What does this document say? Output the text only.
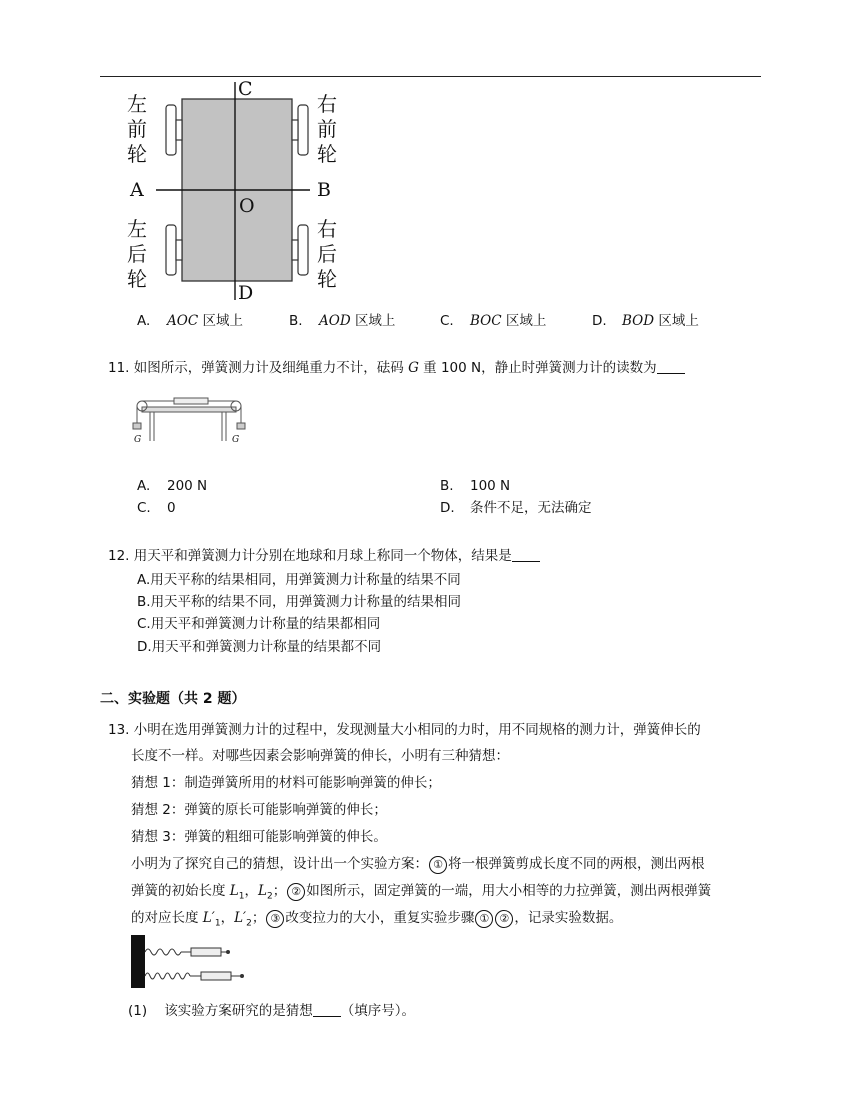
C
D
A	B
O
左
前
轮
右
前
轮
左
后
轮
右
后
轮
A. AOC 区域上	B. AOD 区域上	C. BOC 区域上	D. BOD 区域上
11. 如图所示，弹簧测力计及细绳重力不计，砝码 G 重 100 N，静止时弹簧测力计的读数为
G	G
A. 200 N	B. 100 N
C. 0	D. 条件不足，无法确定
12. 用天平和弹簧测力计分别在地球和月球上称同一个物体，结果是
A.用天平称的结果相同，用弹簧测力计称量的结果不同
B.用天平称的结果不同，用弹簧测力计称量的结果相同
C.用天平和弹簧测力计称量的结果都相同
D.用天平和弹簧测力计称量的结果都不同
二、实验题（共 2 题）
13. 小明在选用弹簧测力计的过程中，发现测量大小相同的力时，用不同规格的测力计，弹簧伸长的
长度不一样。对哪些因素会影响弹簧的伸长，小明有三种猜想：
猜想 1：制造弹簧所用的材料可能影响弹簧的伸长；
猜想 2：弹簧的原长可能影响弹簧的伸长；
猜想 3：弹簧的粗细可能影响弹簧的伸长。
小明为了探究自己的猜想，设计出一个实验方案： ① 将一根弹簧剪成长度不同的两根，测出两根
弹簧的初始长度 $L_1$，$L_2$； ② 如图所示，固定弹簧的一端，用大小相等的力拉弹簧，测出两根弹簧
的对应长度 $L'_1$，$L'_2$； ③ 改变拉力的大小，重复实验步骤 ① ② ，记录实验数据。
(1) 该实验方案研究的是猜想 （填序号）。
